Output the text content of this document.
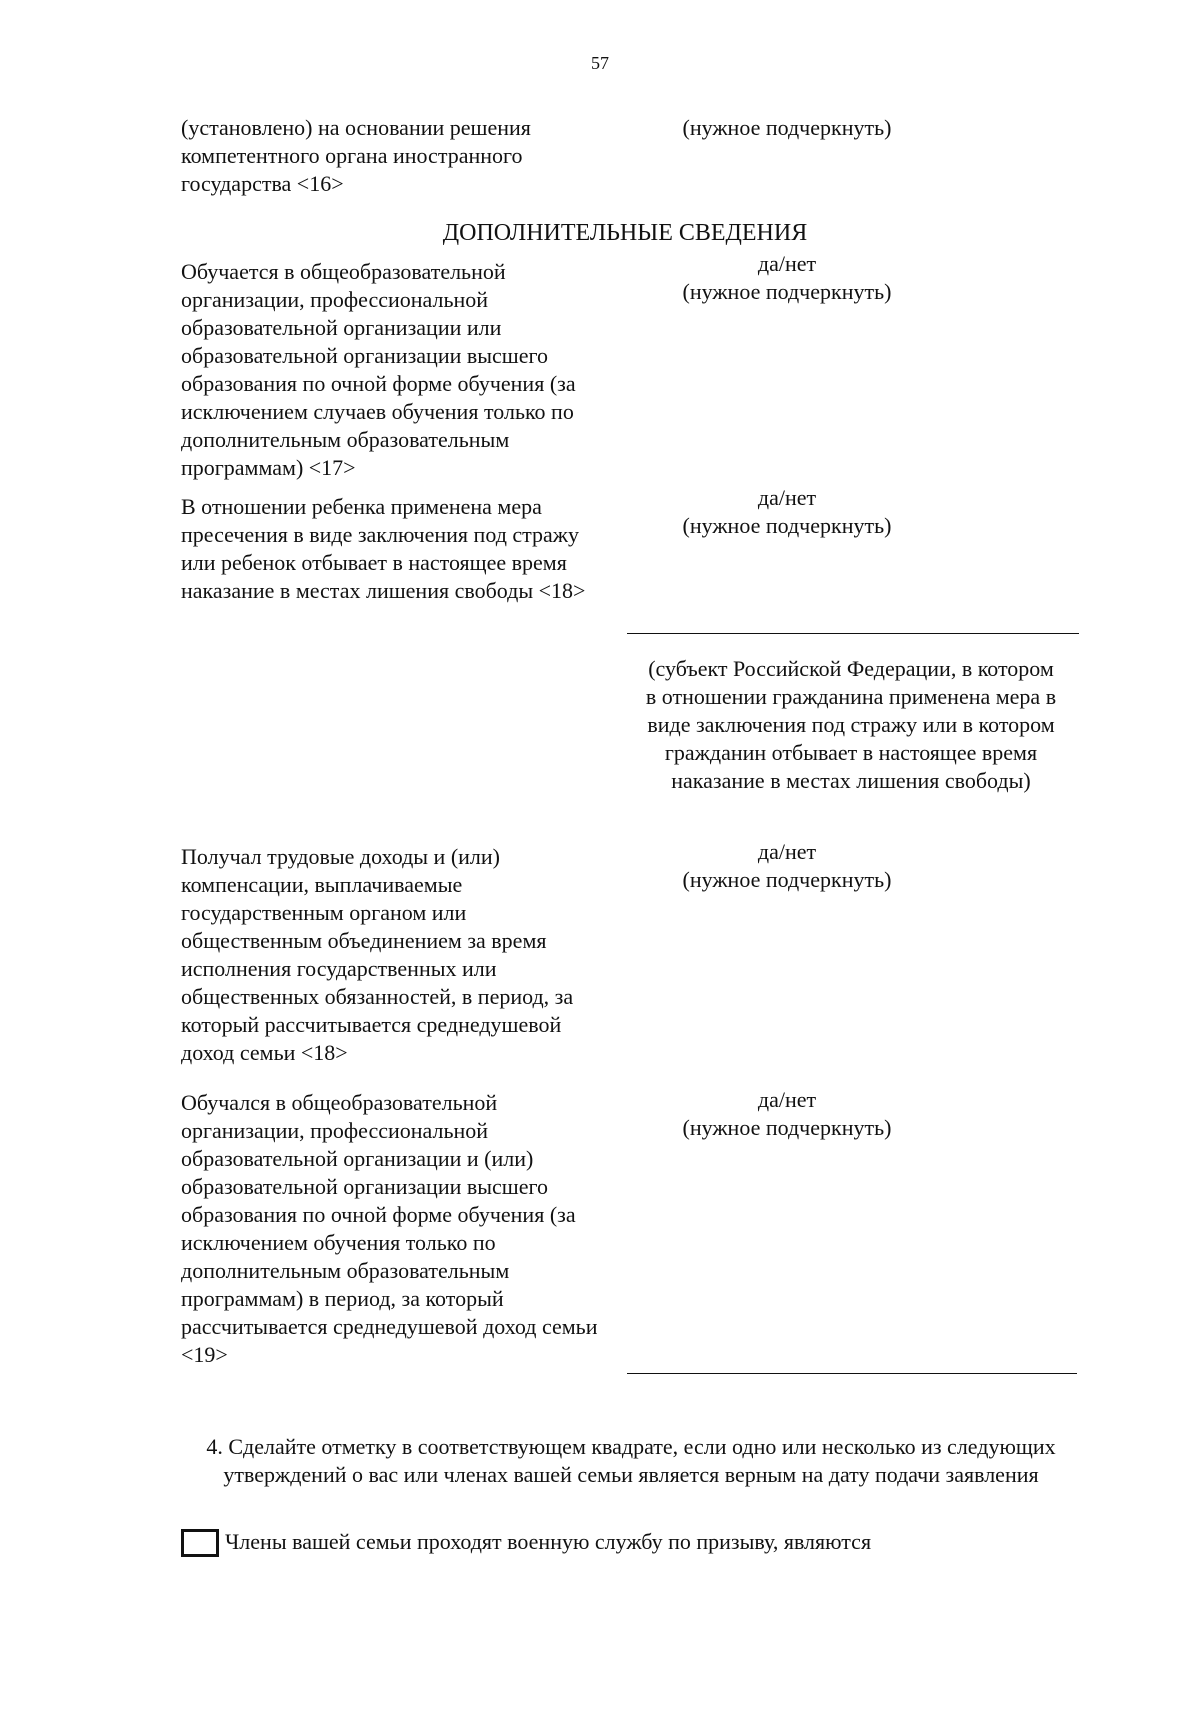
57
(установлено) на основании решения компетентного органа иностранного государства <16>
(нужное подчеркнуть)
ДОПОЛНИТЕЛЬНЫЕ СВЕДЕНИЯ
Обучается в общеобразовательной организации, профессиональной образовательной организации или образовательной организации высшего образования по очной форме обучения (за исключением случаев обучения только по дополнительным образовательным программам) <17>
да/нет
(нужное подчеркнуть)
В отношении ребенка применена мера пресечения в виде заключения под стражу или ребенок отбывает в настоящее время наказание в местах лишения свободы <18>
да/нет
(нужное подчеркнуть)
(субъект Российской Федерации, в котором в отношении гражданина применена мера в виде заключения под стражу или в котором гражданин отбывает в настоящее время наказание в местах лишения свободы)
Получал трудовые доходы и (или) компенсации, выплачиваемые государственным органом или общественным объединением за время исполнения государственных или общественных обязанностей, в период, за который рассчитывается среднедушевой доход семьи <18>
да/нет
(нужное подчеркнуть)
Обучался в общеобразовательной организации, профессиональной образовательной организации и (или) образовательной организации высшего образования по очной форме обучения (за исключением обучения только по дополнительным образовательным программам) в период, за который рассчитывается среднедушевой доход семьи <19>
да/нет
(нужное подчеркнуть)
4. Сделайте отметку в соответствующем квадрате, если одно или несколько из следующих утверждений о вас или членах вашей семьи является верным на дату подачи заявления
Члены вашей семьи проходят военную службу по призыву, являются
